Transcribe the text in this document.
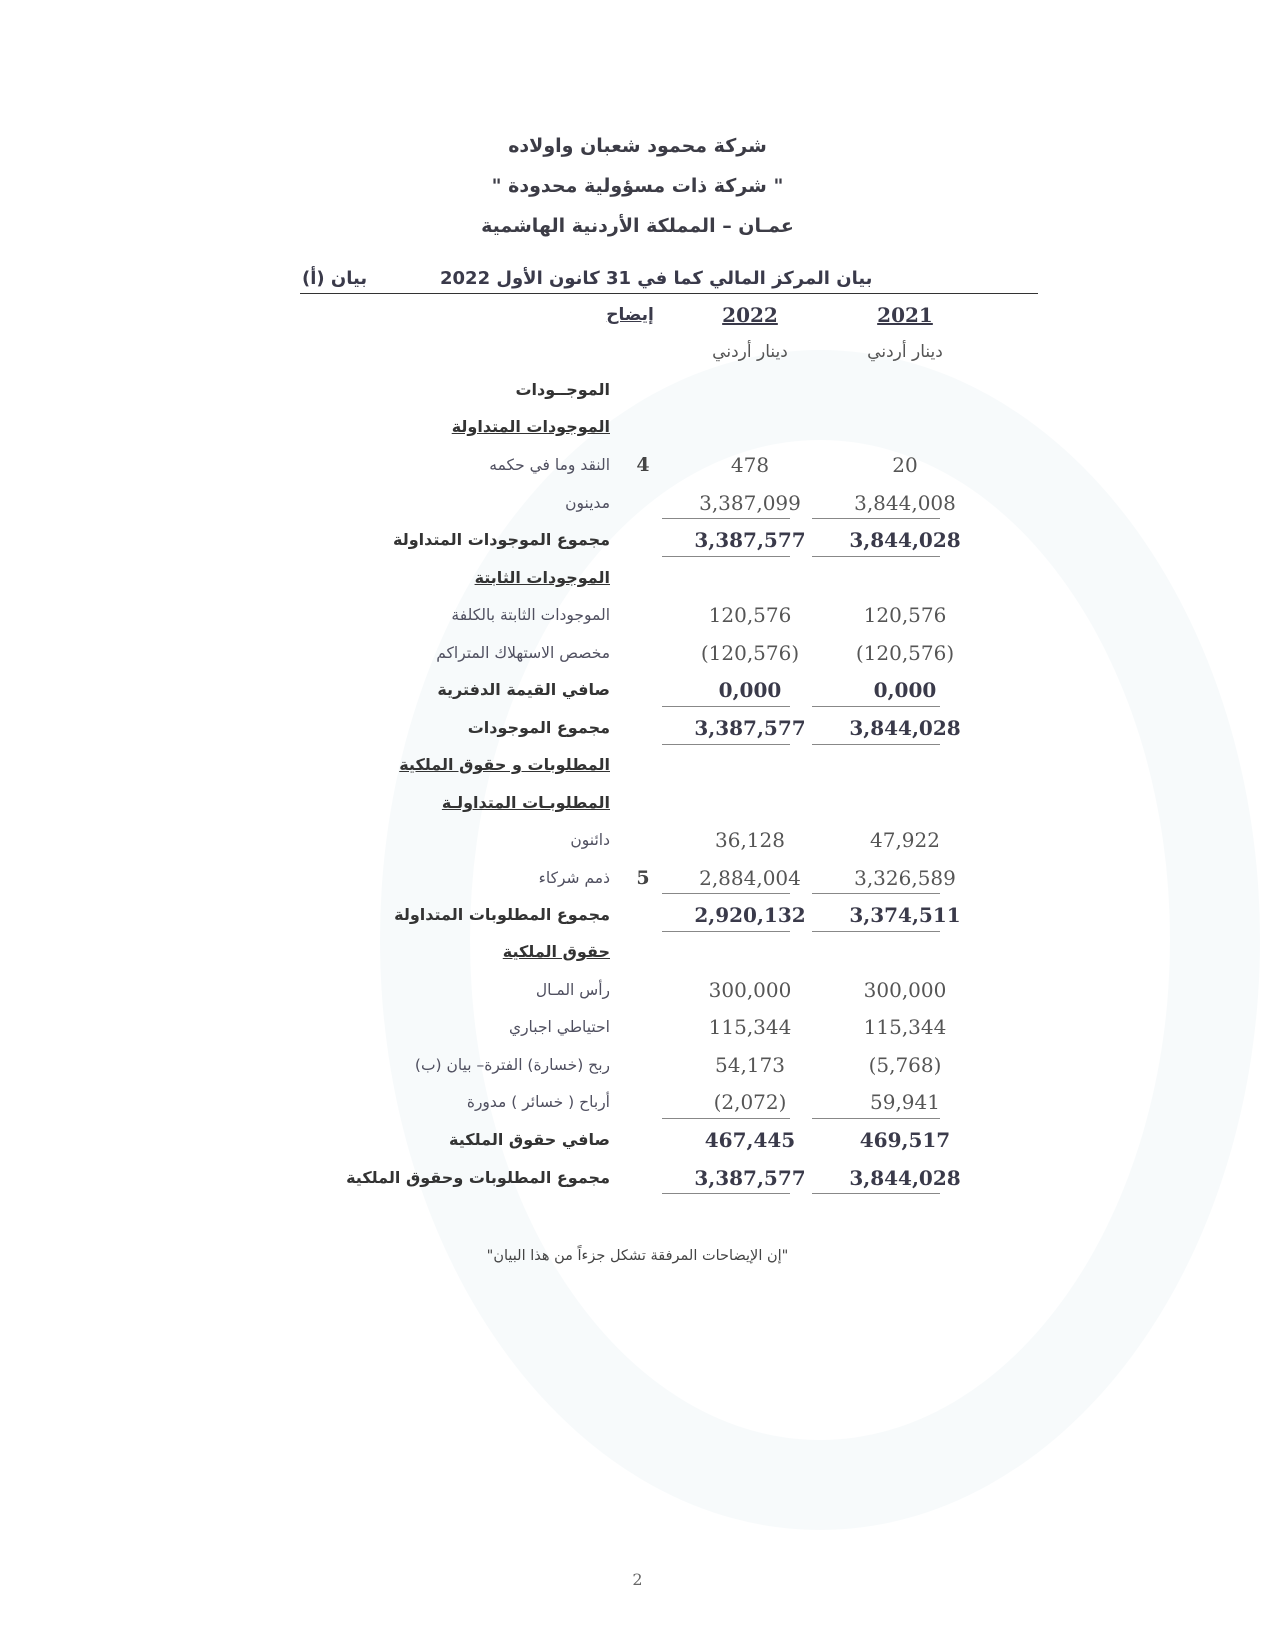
شركة محمود شعبان واولاده
" شركة ذات مسؤولية محدودة "
عمـان – المملكة الأردنية الهاشمية
بيان المركز المالي كما في 31 كانون الأول 2022
بيان (أ)
إيضاح	2022	2021
دينار أردني	دينار أردني
الموجــودات
الموجودات المتداولة
النقد وما في حكمه	4	478	20
مدينون	3,387,099	3,844,008
مجموع الموجودات المتداولة	3,387,577	3,844,028
الموجودات الثابتة
الموجودات الثابتة بالكلفة	120,576	120,576
مخصص الاستهلاك المتراكم	(120,576)	(120,576)
صافي القيمة الدفترية	0,000	0,000
مجموع الموجودات	3,387,577	3,844,028
المطلوبات و حقوق الملكية
المطلوبـات المتداولـة
دائنون	36,128	47,922
ذمم شركاء	5	2,884,004	3,326,589
مجموع المطلوبات المتداولة	2,920,132	3,374,511
حقوق الملكية
رأس المـال	300,000	300,000
احتياطي اجباري	115,344	115,344
ربح (خسارة) الفترة– بيان (ب)	54,173	(5,768)
أرباح ( خسائر ) مدورة	(2,072)	59,941
صافي حقوق الملكية	467,445	469,517
مجموع المطلوبات وحقوق الملكية	3,387,577	3,844,028
"إن الإيضاحات المرفقة تشكل جزءاً من هذا البيان"
2
